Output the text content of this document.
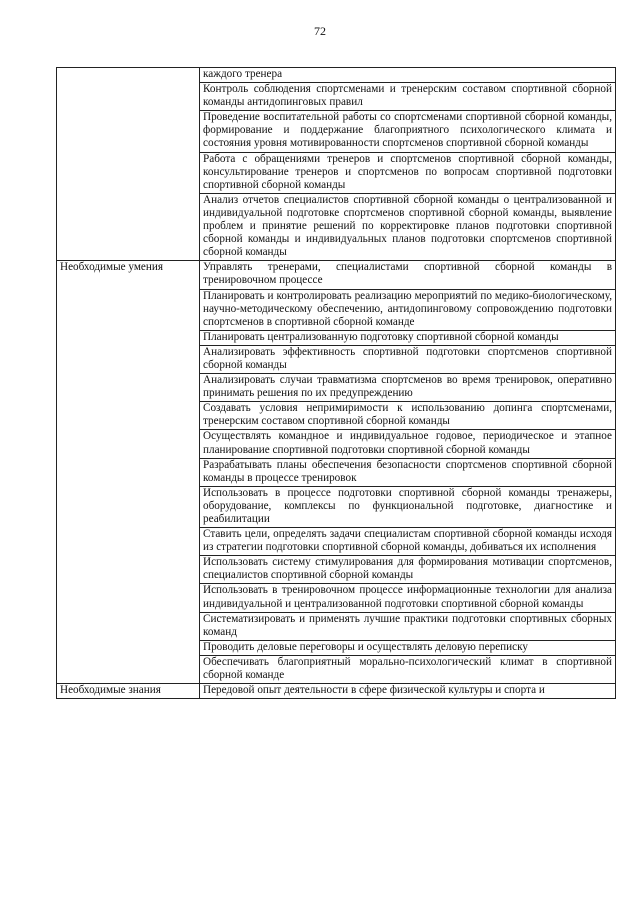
72
	каждого тренера
	Контроль соблюдения спортсменами и тренерским составом спортивной сборной команды антидопинговых правил
	Проведение воспитательной работы со спортсменами спортивной сборной команды, формирование и поддержание благоприятного психологического климата и состояния уровня мотивированности спортсменов спортивной сборной команды
	Работа с обращениями тренеров и спортсменов спортивной сборной команды, консультирование тренеров и спортсменов по вопросам спортивной подготовки спортивной сборной команды
	Анализ отчетов специалистов спортивной сборной команды о централизованной и индивидуальной подготовке спортсменов спортивной сборной команды, выявление проблем и принятие решений по корректировке планов подготовки спортивной сборной команды и индивидуальных планов подготовки спортсменов спортивной сборной команды
Необходимые умения	Управлять тренерами, специалистами спортивной сборной команды в тренировочном процессе
	Планировать и контролировать реализацию мероприятий по медико-биологическому, научно-методическому обеспечению, антидопинговому сопровождению подготовки спортсменов в спортивной сборной команде
	Планировать централизованную подготовку спортивной сборной команды
	Анализировать эффективность спортивной подготовки спортсменов спортивной сборной команды
	Анализировать случаи травматизма спортсменов во время тренировок, оперативно принимать решения по их предупреждению
	Создавать условия непримиримости к использованию допинга спортсменами, тренерским составом спортивной сборной команды
	Осуществлять командное и индивидуальное годовое, периодическое и этапное планирование спортивной подготовки спортивной сборной команды
	Разрабатывать планы обеспечения безопасности спортсменов спортивной сборной команды в процессе тренировок
	Использовать в процессе подготовки спортивной сборной команды тренажеры, оборудование, комплексы по функциональной подготовке, диагностике и реабилитации
	Ставить цели, определять задачи специалистам спортивной сборной команды исходя из стратегии подготовки спортивной сборной команды, добиваться их исполнения
	Использовать систему стимулирования для формирования мотивации спортсменов, специалистов спортивной сборной команды
	Использовать в тренировочном процессе информационные технологии для анализа индивидуальной и централизованной подготовки спортивной сборной команды
	Систематизировать и применять лучшие практики подготовки спортивных сборных команд
	Проводить деловые переговоры и осуществлять деловую переписку
	Обеспечивать благоприятный морально-психологический климат в спортивной сборной команде
Необходимые знания	Передовой опыт деятельности в сфере физической культуры и спорта и
